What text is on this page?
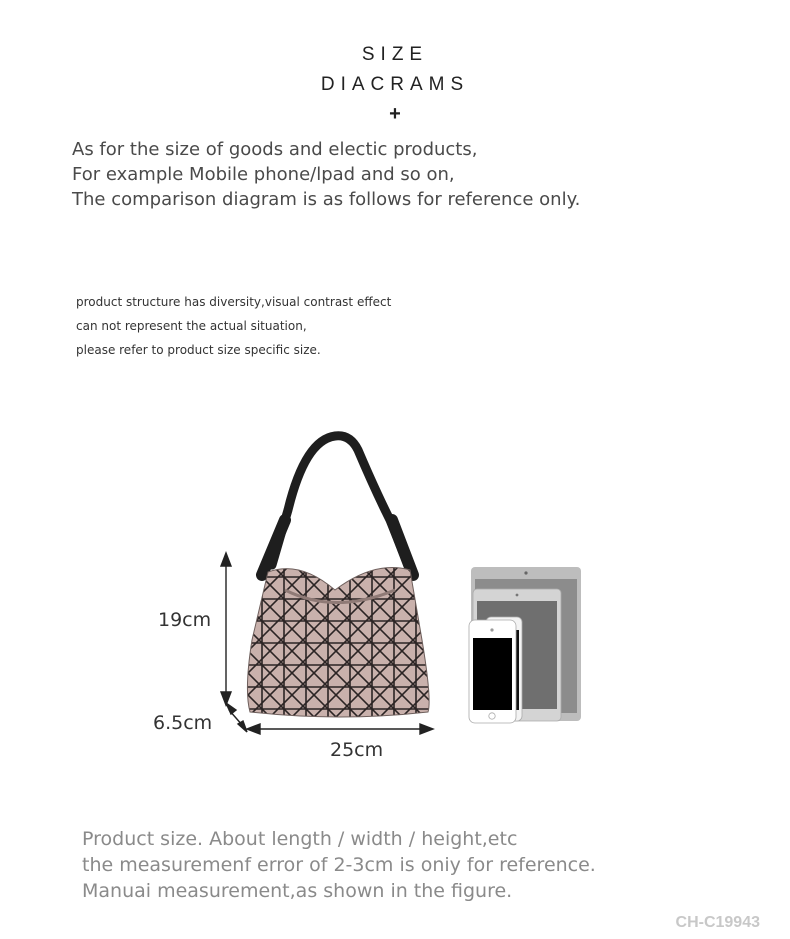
SIZE
DIACRAMS
+
As for the size of goods and electic products,
For example Mobile phone/lpad and so on,
The comparison diagram is as follows for reference only.
product structure has diversity,visual contrast effect
can not represent the actual situation,
please refer to product size specific size.
19cm
6.5cm
25cm
Product size. About length / width / height,etc
the measuremenf error of 2-3cm is oniy for reference.
Manuai measurement,as shown in the figure.
CH-C19943
